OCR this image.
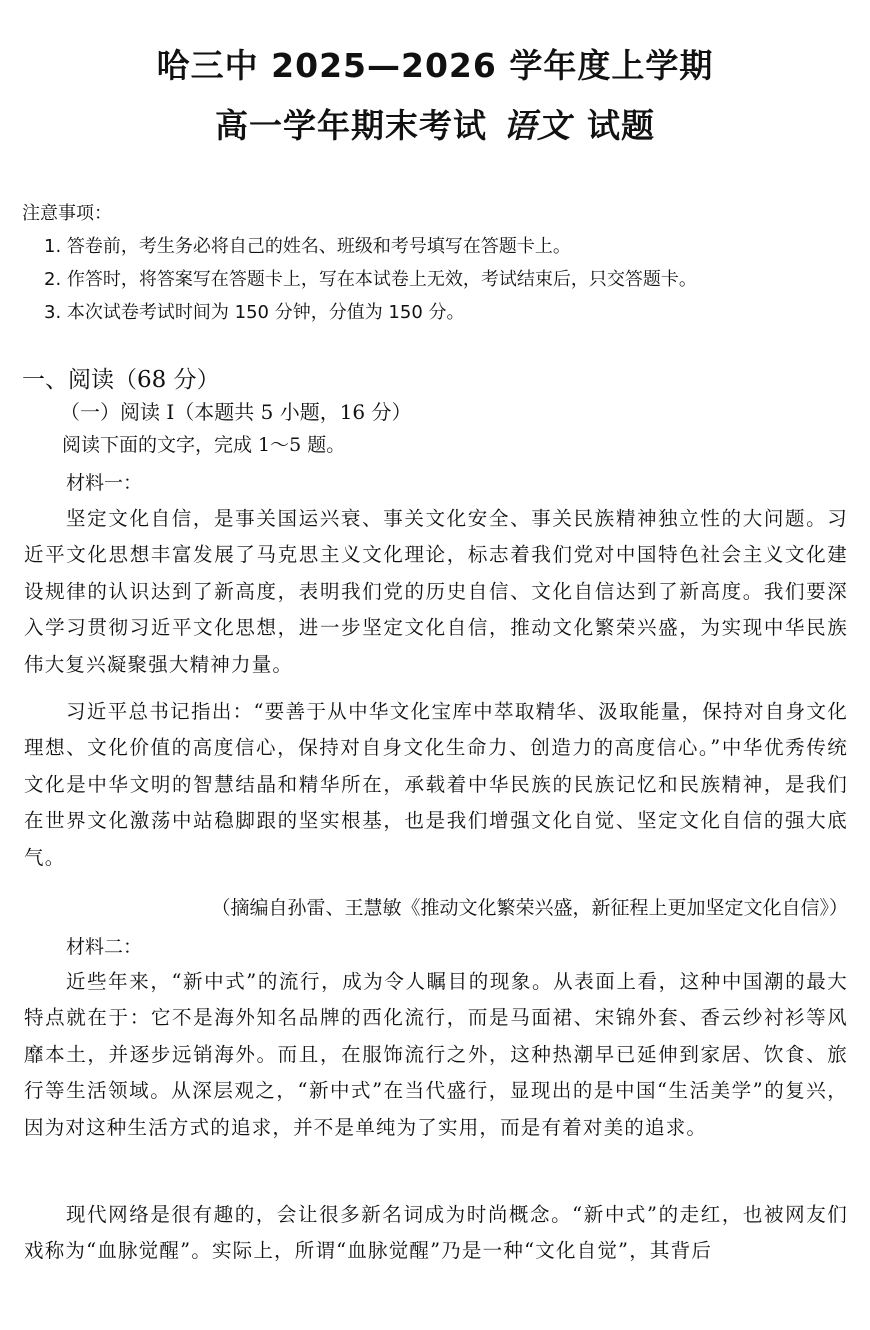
哈三中 2025—2026 学年度上学期
高一学年期末考试 语文 试题
注意事项：
1. 答卷前，考生务必将自己的姓名、班级和考号填写在答题卡上。
2. 作答时，将答案写在答题卡上，写在本试卷上无效，考试结束后，只交答题卡。
3. 本次试卷考试时间为 150 分钟，分值为 150 分。
一、阅读（68 分）
（一）阅读 I（本题共 5 小题，16 分）
阅读下面的文字，完成 1～5 题。
材料一：
坚定文化自信，是事关国运兴衰、事关文化安全、事关民族精神独立性的大问题。习近平文化思想丰富发展了马克思主义文化理论，标志着我们党对中国特色社会主义文化建设规律的认识达到了新高度，表明我们党的历史自信、文化自信达到了新高度。我们要深入学习贯彻习近平文化思想，进一步坚定文化自信，推动文化繁荣兴盛，为实现中华民族伟大复兴凝聚强大精神力量。
习近平总书记指出：“要善于从中华文化宝库中萃取精华、汲取能量，保持对自身文化理想、文化价值的高度信心，保持对自身文化生命力、创造力的高度信心。”中华优秀传统文化是中华文明的智慧结晶和精华所在，承载着中华民族的民族记忆和民族精神，是我们在世界文化激荡中站稳脚跟的坚实根基，也是我们增强文化自觉、坚定文化自信的强大底气。
（摘编自孙雷、王慧敏《推动文化繁荣兴盛，新征程上更加坚定文化自信》）
材料二：
近些年来，“新中式”的流行，成为令人瞩目的现象。从表面上看，这种中国潮的最大特点就在于：它不是海外知名品牌的西化流行，而是马面裙、宋锦外套、香云纱衬衫等风靡本土，并逐步远销海外。而且，在服饰流行之外，这种热潮早已延伸到家居、饮食、旅行等生活领域。从深层观之，“新中式”在当代盛行，显现出的是中国“生活美学”的复兴，因为对这种生活方式的追求，并不是单纯为了实用，而是有着对美的追求。
现代网络是很有趣的，会让很多新名词成为时尚概念。“新中式”的走红，也被网友们戏称为“血脉觉醒”。实际上，所谓“血脉觉醒”乃是一种“文化自觉”，其背后
